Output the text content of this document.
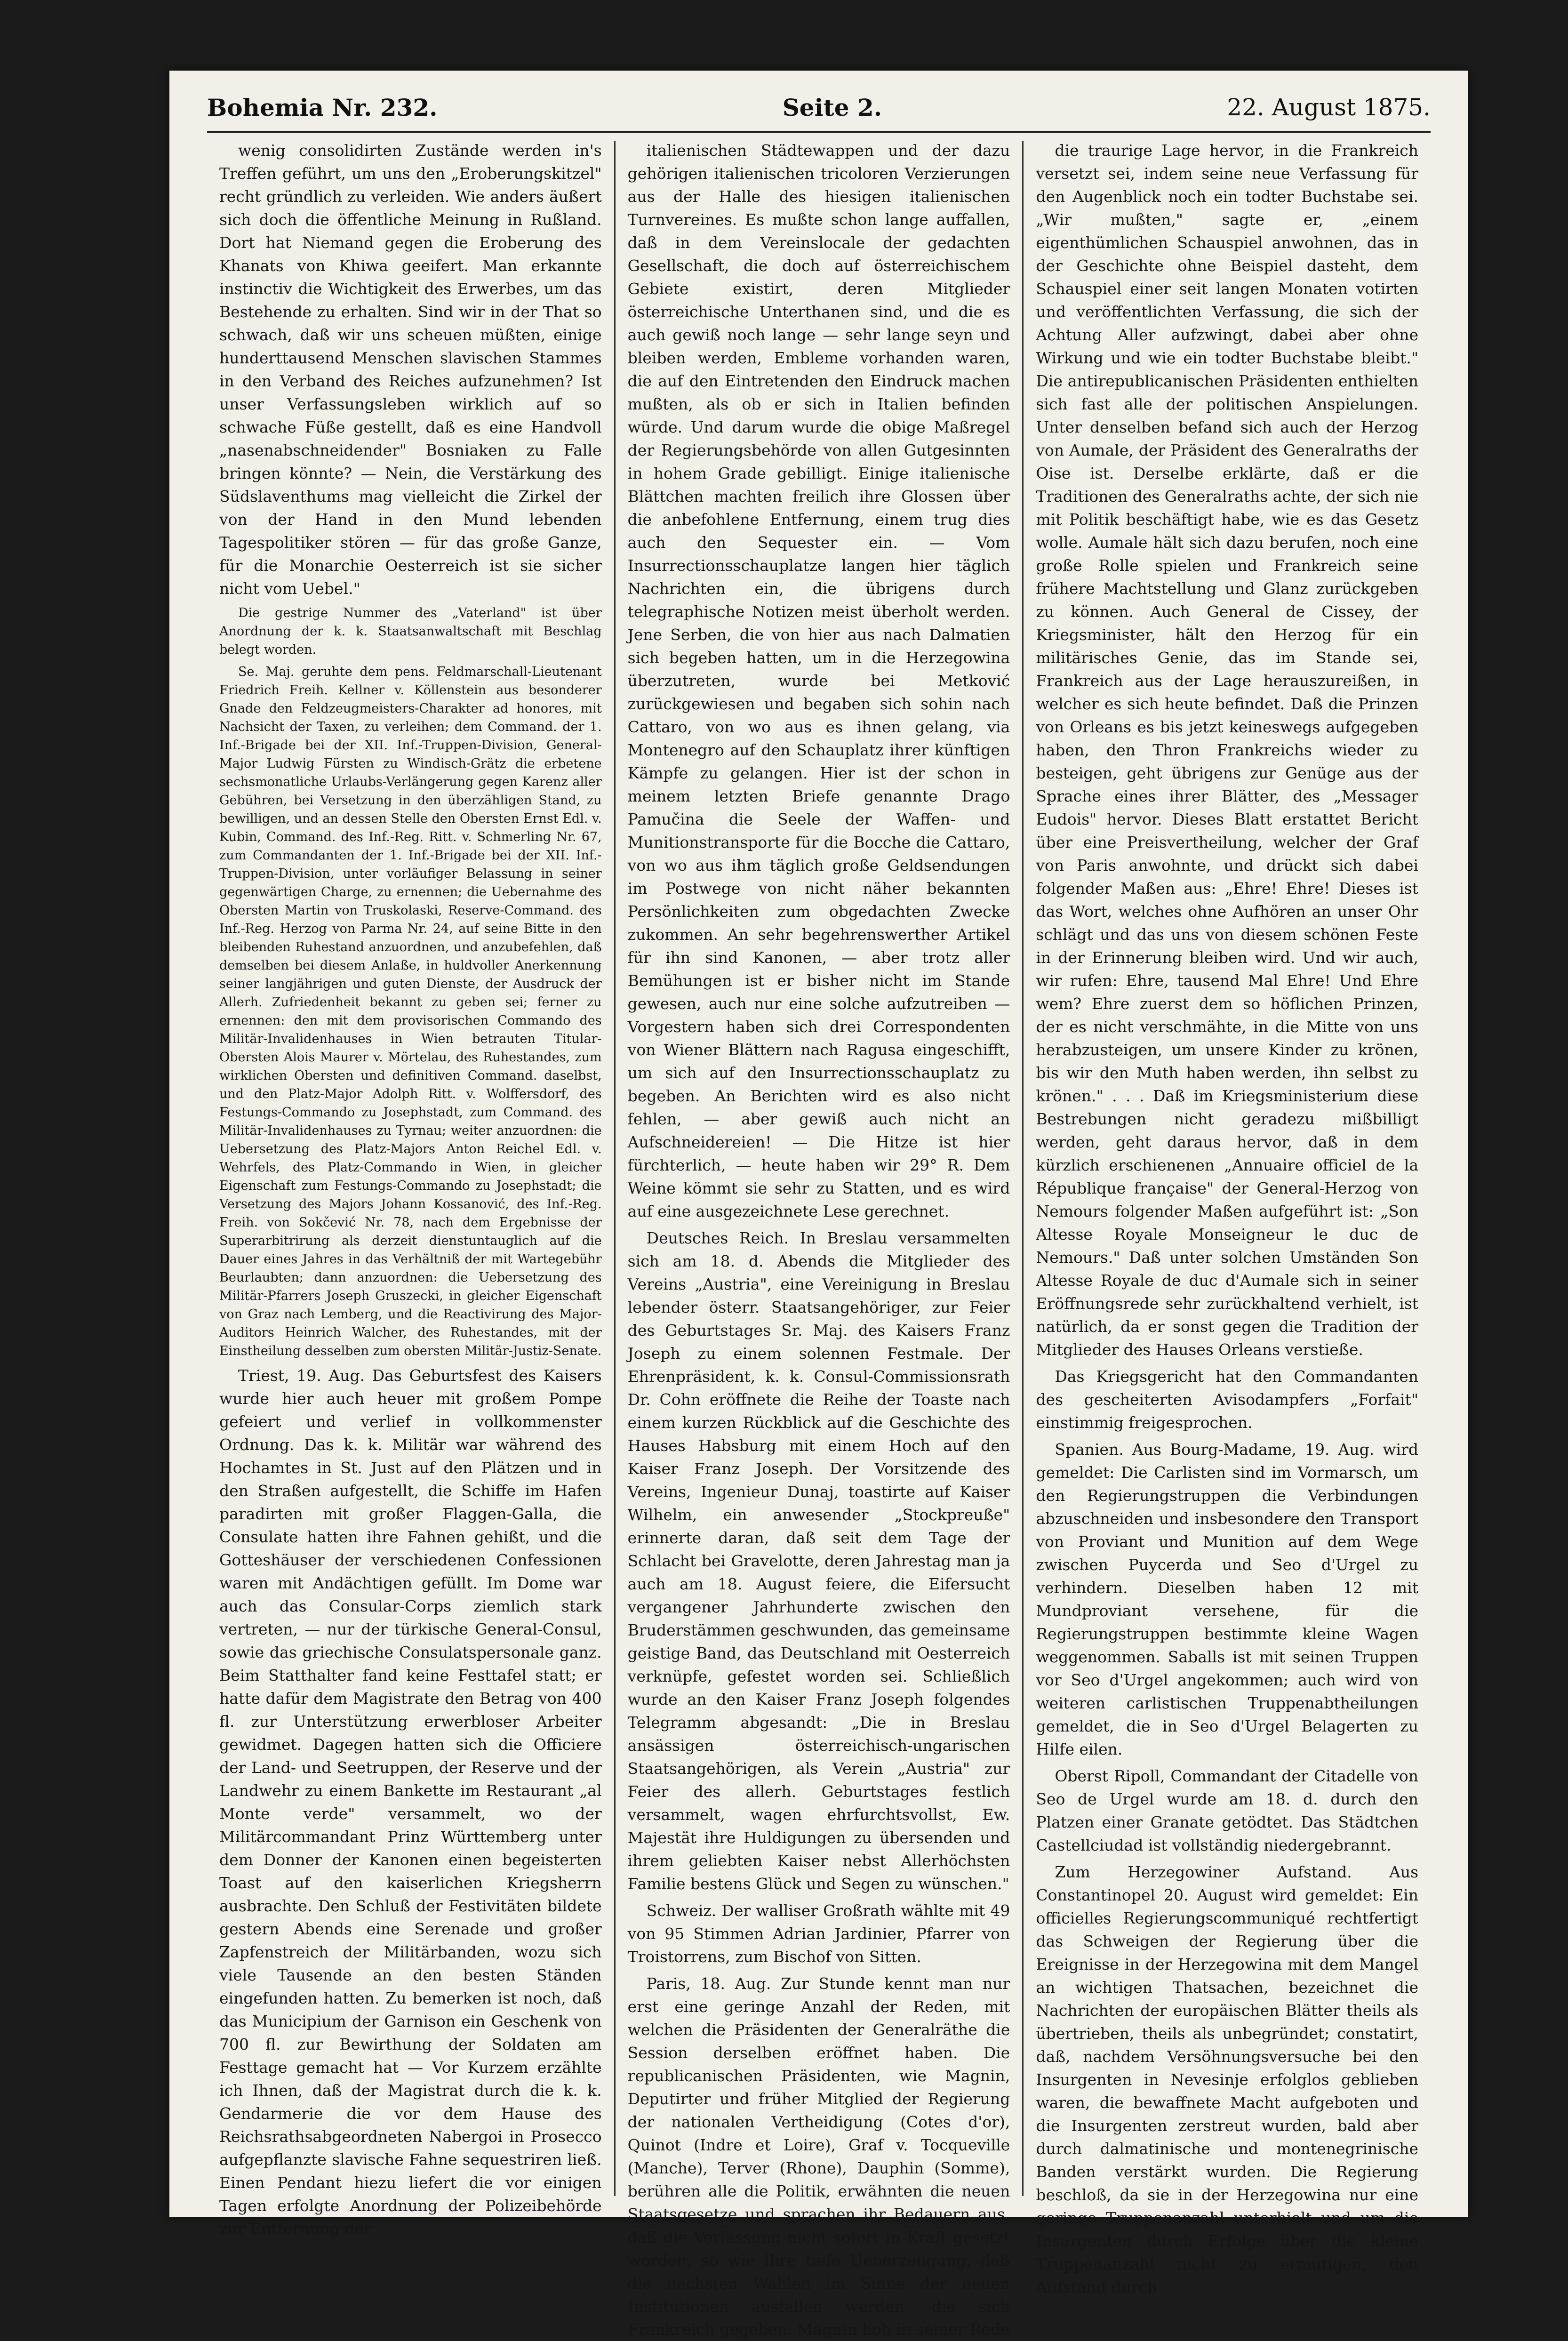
Bohemia Nr. 232.	Seite 2.	22. August 1875.

wenig consolidirten Zustände werden in's Treffen geführt, um uns den „Eroberungskitzel" recht gründlich zu verleiden. Wie anders äußert sich doch die öffentliche Meinung in Rußland. Dort hat Niemand gegen die Eroberung des Khanats von Khiwa geeifert. Man erkannte instinctiv die Wichtigkeit des Erwerbes, um das Bestehende zu erhalten. Sind wir in der That so schwach, daß wir uns scheuen müßten, einige hunderttausend Menschen slavischen Stammes in den Verband des Reiches aufzunehmen? Ist unser Verfassungsleben wirklich auf so schwache Füße gestellt, daß es eine Handvoll „nasenabschneidender" Bosniaken zu Falle bringen könnte? — Nein, die Verstärkung des Südslaventhums mag vielleicht die Zirkel der von der Hand in den Mund lebenden Tagespolitiker stören — für das große Ganze, für die Monarchie Oesterreich ist sie sicher nicht vom Uebel."

Die gestrige Nummer des „Vaterland" ist über Anordnung der k. k. Staatsanwaltschaft mit Beschlag belegt worden.

Se. Maj. geruhte dem pens. Feldmarschall-Lieutenant Friedrich Freih. Kellner v. Köllenstein aus besonderer Gnade den Feldzeugmeisters-Charakter ad honores, mit Nachsicht der Taxen, zu verleihen; dem Command. der 1. Inf.-Brigade bei der XII. Inf.-Truppen-Division, General-Major Ludwig Fürsten zu Windisch-Grätz die erbetene sechsmonatliche Urlaubs-Verlängerung gegen Karenz aller Gebühren, bei Versetzung in den überzähligen Stand, zu bewilligen, und an dessen Stelle den Obersten Ernst Edl. v. Kubin, Command. des Inf.-Reg. Ritt. v. Schmerling Nr. 67, zum Commandanten der 1. Inf.-Brigade bei der XII. Inf.-Truppen-Division, unter vorläufiger Belassung in seiner gegenwärtigen Charge, zu ernennen; die Uebernahme des Obersten Martin von Truskolaski, Reserve-Command. des Inf.-Reg. Herzog von Parma Nr. 24, auf seine Bitte in den bleibenden Ruhestand anzuordnen, und anzubefehlen, daß demselben bei diesem Anlaße, in huldvoller Anerkennung seiner langjährigen und guten Dienste, der Ausdruck der Allerh. Zufriedenheit bekannt zu geben sei; ferner zu ernennen: den mit dem provisorischen Commando des Militär-Invalidenhauses in Wien betrauten Titular-Obersten Alois Maurer v. Mörtelau, des Ruhestandes, zum wirklichen Obersten und definitiven Command. daselbst, und den Platz-Major Adolph Ritt. v. Wolffersdorf, des Festungs-Commando zu Josephstadt, zum Command. des Militär-Invalidenhauses zu Tyrnau; weiter anzuordnen: die Uebersetzung des Platz-Majors Anton Reichel Edl. v. Wehrfels, des Platz-Commando in Wien, in gleicher Eigenschaft zum Festungs-Commando zu Josephstadt; die Versetzung des Majors Johann Kossanović, des Inf.-Reg. Freih. von Sokčević Nr. 78, nach dem Ergebnisse der Superarbitrirung als derzeit dienstuntauglich auf die Dauer eines Jahres in das Verhältniß der mit Wartegebühr Beurlaubten; dann anzuordnen: die Uebersetzung des Militär-Pfarrers Joseph Gruszecki, in gleicher Eigenschaft von Graz nach Lemberg, und die Reactivirung des Major-Auditors Heinrich Walcher, des Ruhestandes, mit der Einstheilung desselben zum obersten Militär-Justiz-Senate.

Triest, 19. Aug. Das Geburtsfest des Kaisers wurde hier auch heuer mit großem Pompe gefeiert und verlief in vollkommenster Ordnung. Das k. k. Militär war während des Hochamtes in St. Just auf den Plätzen und in den Straßen aufgestellt, die Schiffe im Hafen paradirten mit großer Flaggen-Galla, die Consulate hatten ihre Fahnen gehißt, und die Gotteshäuser der verschiedenen Confessionen waren mit Andächtigen gefüllt. Im Dome war auch das Consular-Corps ziemlich stark vertreten, — nur der türkische General-Consul, sowie das griechische Consulatspersonale ganz. Beim Statthalter fand keine Festtafel statt; er hatte dafür dem Magistrate den Betrag von 400 fl. zur Unterstützung erwerbloser Arbeiter gewidmet. Dagegen hatten sich die Officiere der Land- und Seetruppen, der Reserve und der Landwehr zu einem Bankette im Restaurant „al Monte verde" versammelt, wo der Militärcommandant Prinz Württemberg unter dem Donner der Kanonen einen begeisterten Toast auf den kaiserlichen Kriegsherrn ausbrachte. Den Schluß der Festivitäten bildete gestern Abends eine Serenade und großer Zapfenstreich der Militärbanden, wozu sich viele Tausende an den besten Ständen eingefunden hatten. Zu bemerken ist noch, daß das Municipium der Garnison ein Geschenk von 700 fl. zur Bewirthung der Soldaten am Festtage gemacht hat — Vor Kurzem erzählte ich Ihnen, daß der Magistrat durch die k. k. Gendarmerie die vor dem Hause des Reichsrathsabgeordneten Nabergoi in Prosecco aufgepflanzte slavische Fahne sequestriren ließ. Einen Pendant hiezu liefert die vor einigen Tagen erfolgte Anordnung der Polizeibehörde zur Entfernung der

italienischen Städtewappen und der dazu gehörigen italienischen tricoloren Verzierungen aus der Halle des hiesigen italienischen Turnvereines. Es mußte schon lange auffallen, daß in dem Vereinslocale der gedachten Gesellschaft, die doch auf österreichischem Gebiete existirt, deren Mitglieder österreichische Unterthanen sind, und die es auch gewiß noch lange — sehr lange seyn und bleiben werden, Embleme vorhanden waren, die auf den Eintretenden den Eindruck machen mußten, als ob er sich in Italien befinden würde. Und darum wurde die obige Maßregel der Regierungsbehörde von allen Gutgesinnten in hohem Grade gebilligt. Einige italienische Blättchen machten freilich ihre Glossen über die anbefohlene Entfernung, einem trug dies auch den Sequester ein. — Vom Insurrectionsschauplatze langen hier täglich Nachrichten ein, die übrigens durch telegraphische Notizen meist überholt werden. Jene Serben, die von hier aus nach Dalmatien sich begeben hatten, um in die Herzegowina überzutreten, wurde bei Metković zurückgewiesen und begaben sich sohin nach Cattaro, von wo aus es ihnen gelang, via Montenegro auf den Schauplatz ihrer künftigen Kämpfe zu gelangen. Hier ist der schon in meinem letzten Briefe genannte Drago Pamučina die Seele der Waffen- und Munitionstransporte für die Bocche die Cattaro, von wo aus ihm täglich große Geldsendungen im Postwege von nicht näher bekannten Persönlichkeiten zum obgedachten Zwecke zukommen. An sehr begehrenswerther Artikel für ihn sind Kanonen, — aber trotz aller Bemühungen ist er bisher nicht im Stande gewesen, auch nur eine solche aufzutreiben — Vorgestern haben sich drei Correspondenten von Wiener Blättern nach Ragusa eingeschifft, um sich auf den Insurrectionsschauplatz zu begeben. An Berichten wird es also nicht fehlen, — aber gewiß auch nicht an Aufschneidereien! — Die Hitze ist hier fürchterlich, — heute haben wir 29° R. Dem Weine kömmt sie sehr zu Statten, und es wird auf eine ausgezeichnete Lese gerechnet.

Deutsches Reich. In Breslau versammelten sich am 18. d. Abends die Mitglieder des Vereins „Austria", eine Vereinigung in Breslau lebender österr. Staatsangehöriger, zur Feier des Geburtstages Sr. Maj. des Kaisers Franz Joseph zu einem solennen Festmale. Der Ehrenpräsident, k. k. Consul-Commissionsrath Dr. Cohn eröffnete die Reihe der Toaste nach einem kurzen Rückblick auf die Geschichte des Hauses Habsburg mit einem Hoch auf den Kaiser Franz Joseph. Der Vorsitzende des Vereins, Ingenieur Dunaj, toastirte auf Kaiser Wilhelm, ein anwesender „Stockpreuße" erinnerte daran, daß seit dem Tage der Schlacht bei Gravelotte, deren Jahrestag man ja auch am 18. August feiere, die Eifersucht vergangener Jahrhunderte zwischen den Bruderstämmen geschwunden, das gemeinsame geistige Band, das Deutschland mit Oesterreich verknüpfe, gefestet worden sei. Schließlich wurde an den Kaiser Franz Joseph folgendes Telegramm abgesandt: „Die in Breslau ansässigen österreichisch-ungarischen Staatsangehörigen, als Verein „Austria" zur Feier des allerh. Geburtstages festlich versammelt, wagen ehrfurchtsvollst, Ew. Majestät ihre Huldigungen zu übersenden und ihrem geliebten Kaiser nebst Allerhöchsten Familie bestens Glück und Segen zu wünschen."

Schweiz. Der walliser Großrath wählte mit 49 von 95 Stimmen Adrian Jardinier, Pfarrer von Troistorrens, zum Bischof von Sitten.

Paris, 18. Aug. Zur Stunde kennt man nur erst eine geringe Anzahl der Reden, mit welchen die Präsidenten der Generalräthe die Session derselben eröffnet haben. Die republicanischen Präsidenten, wie Magnin, Deputirter und früher Mitglied der Regierung der nationalen Vertheidigung (Cotes d'or), Quinot (Indre et Loire), Graf v. Tocqueville (Manche), Terver (Rhone), Dauphin (Somme), berühren alle die Politik, erwähnten die neuen Staatsgesetze und sprachen ihr Bedauern aus, daß die Verfassung nicht sofort in Kraft gesetzt worden, so wie ihre tiefe Ueberzeugung, daß die nächsten Wahlen im Sinne der neuen Institutionen ausfallen werden, die sich Frankreich gegeben. Magnin hob in seiner Rede

die traurige Lage hervor, in die Frankreich versetzt sei, indem seine neue Verfassung für den Augenblick noch ein todter Buchstabe sei. „Wir mußten," sagte er, „einem eigenthümlichen Schauspiel anwohnen, das in der Geschichte ohne Beispiel dasteht, dem Schauspiel einer seit langen Monaten votirten und veröffentlichten Verfassung, die sich der Achtung Aller aufzwingt, dabei aber ohne Wirkung und wie ein todter Buchstabe bleibt." Die antirepublicanischen Präsidenten enthielten sich fast alle der politischen Anspielungen. Unter denselben befand sich auch der Herzog von Aumale, der Präsident des Generalraths der Oise ist. Derselbe erklärte, daß er die Traditionen des Generalraths achte, der sich nie mit Politik beschäftigt habe, wie es das Gesetz wolle. Aumale hält sich dazu berufen, noch eine große Rolle spielen und Frankreich seine frühere Machtstellung und Glanz zurückgeben zu können. Auch General de Cissey, der Kriegsminister, hält den Herzog für ein militärisches Genie, das im Stande sei, Frankreich aus der Lage herauszureißen, in welcher es sich heute befindet. Daß die Prinzen von Orleans es bis jetzt keineswegs aufgegeben haben, den Thron Frankreichs wieder zu besteigen, geht übrigens zur Genüge aus der Sprache eines ihrer Blätter, des „Messager Eudois" hervor. Dieses Blatt erstattet Bericht über eine Preisvertheilung, welcher der Graf von Paris anwohnte, und drückt sich dabei folgender Maßen aus: „Ehre! Ehre! Dieses ist das Wort, welches ohne Aufhören an unser Ohr schlägt und das uns von diesem schönen Feste in der Erinnerung bleiben wird. Und wir auch, wir rufen: Ehre, tausend Mal Ehre! Und Ehre wem? Ehre zuerst dem so höflichen Prinzen, der es nicht verschmähte, in die Mitte von uns herabzusteigen, um unsere Kinder zu krönen, bis wir den Muth haben werden, ihn selbst zu krönen." . . . Daß im Kriegsministerium diese Bestrebungen nicht geradezu mißbilligt werden, geht daraus hervor, daß in dem kürzlich erschienenen „Annuaire officiel de la République française" der General-Herzog von Nemours folgender Maßen aufgeführt ist: „Son Altesse Royale Monseigneur le duc de Nemours." Daß unter solchen Umständen Son Altesse Royale de duc d'Aumale sich in seiner Eröffnungsrede sehr zurückhaltend verhielt, ist natürlich, da er sonst gegen die Tradition der Mitglieder des Hauses Orleans verstieße.

Das Kriegsgericht hat den Commandanten des gescheiterten Avisodampfers „Forfait" einstimmig freigesprochen.

Spanien. Aus Bourg-Madame, 19. Aug. wird gemeldet: Die Carlisten sind im Vormarsch, um den Regierungstruppen die Verbindungen abzuschneiden und insbesondere den Transport von Proviant und Munition auf dem Wege zwischen Puycerda und Seo d'Urgel zu verhindern. Dieselben haben 12 mit Mundproviant versehene, für die Regierungstruppen bestimmte kleine Wagen weggenommen. Saballs ist mit seinen Truppen vor Seo d'Urgel angekommen; auch wird von weiteren carlistischen Truppenabtheilungen gemeldet, die in Seo d'Urgel Belagerten zu Hilfe eilen.

Oberst Ripoll, Commandant der Citadelle von Seo de Urgel wurde am 18. d. durch den Platzen einer Granate getödtet. Das Städtchen Castellciudad ist vollständig niedergebrannt.

Zum Herzegowiner Aufstand. Aus Constantinopel 20. August wird gemeldet: Ein officielles Regierungscommuniqué rechtfertigt das Schweigen der Regierung über die Ereignisse in der Herzegowina mit dem Mangel an wichtigen Thatsachen, bezeichnet die Nachrichten der europäischen Blätter theils als übertrieben, theils als unbegründet; constatirt, daß, nachdem Versöhnungsversuche bei den Insurgenten in Nevesinje erfolglos geblieben waren, die bewaffnete Macht aufgeboten und die Insurgenten zerstreut wurden, bald aber durch dalmatinische und montenegrinische Banden verstärkt wurden. Die Regierung beschloß, da sie in der Herzegowina nur eine geringe Truppenanzahl unterhielt und um die Insurgenten durch Erfolge über die kleine Truppenanzahl nicht zu ermutigen, den Aufstand durch
